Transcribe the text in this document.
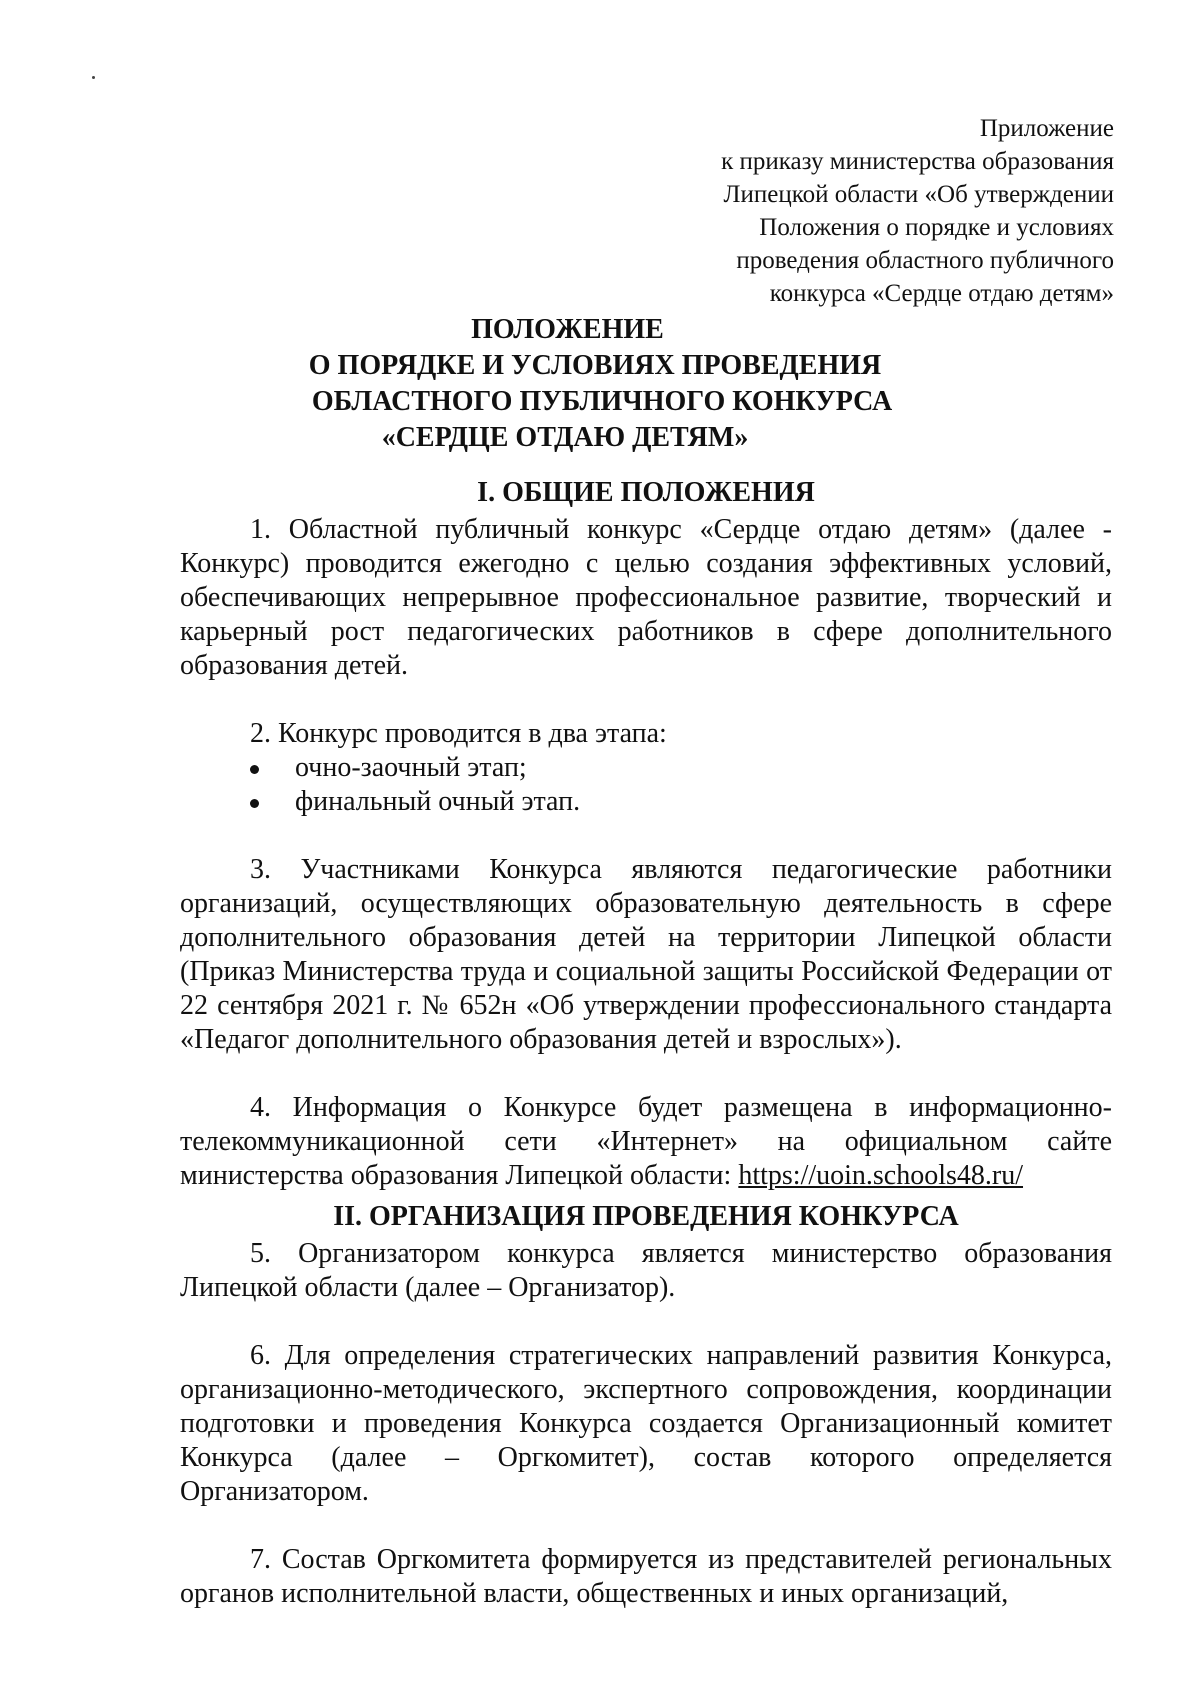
Приложение
к приказу министерства образования
Липецкой области «Об утверждении
Положения о порядке и условиях
проведения областного публичного
конкурса «Сердце отдаю детям»
ПОЛОЖЕНИЕ
О ПОРЯДКЕ И УСЛОВИЯХ ПРОВЕДЕНИЯ
ОБЛАСТНОГО ПУБЛИЧНОГО КОНКУРСА
«СЕРДЦЕ ОТДАЮ ДЕТЯМ»
I. ОБЩИЕ ПОЛОЖЕНИЯ

1. Областной публичный конкурс «Сердце отдаю детям» (далее - Конкурс) проводится ежегодно с целью создания эффективных условий, обеспечивающих непрерывное профессиональное развитие, творческий и карьерный рост педагогических работников в сфере дополнительного образования детей.

2. Конкурс проводится в два этапа:

очно-заочный этап;
финальный очный этап.

3. Участниками Конкурса являются педагогические работники организаций, осуществляющих образовательную деятельность в сфере дополнительного образования детей на территории Липецкой области (Приказ Министерства труда и социальной защиты Российской Федерации от 22 сентября 2021 г. № 652н «Об утверждении профессионального стандарта «Педагог дополнительного образования детей и взрослых»).

4. Информация о Конкурсе будет размещена в информационно-телекоммуникационной сети «Интернет» на официальном сайте министерства образования Липецкой области: https://uoin.schools48.ru/

II. ОРГАНИЗАЦИЯ ПРОВЕДЕНИЯ КОНКУРСА

5. Организатором конкурса является министерство образования Липецкой области (далее – Организатор).

6. Для определения стратегических направлений развития Конкурса, организационно-методического, экспертного сопровождения, координации подготовки и проведения Конкурса создается Организационный комитет Конкурса (далее – Оргкомитет), состав которого определяется Организатором.

7. Состав Оргкомитета формируется из представителей региональных органов исполнительной власти, общественных и иных организаций,
